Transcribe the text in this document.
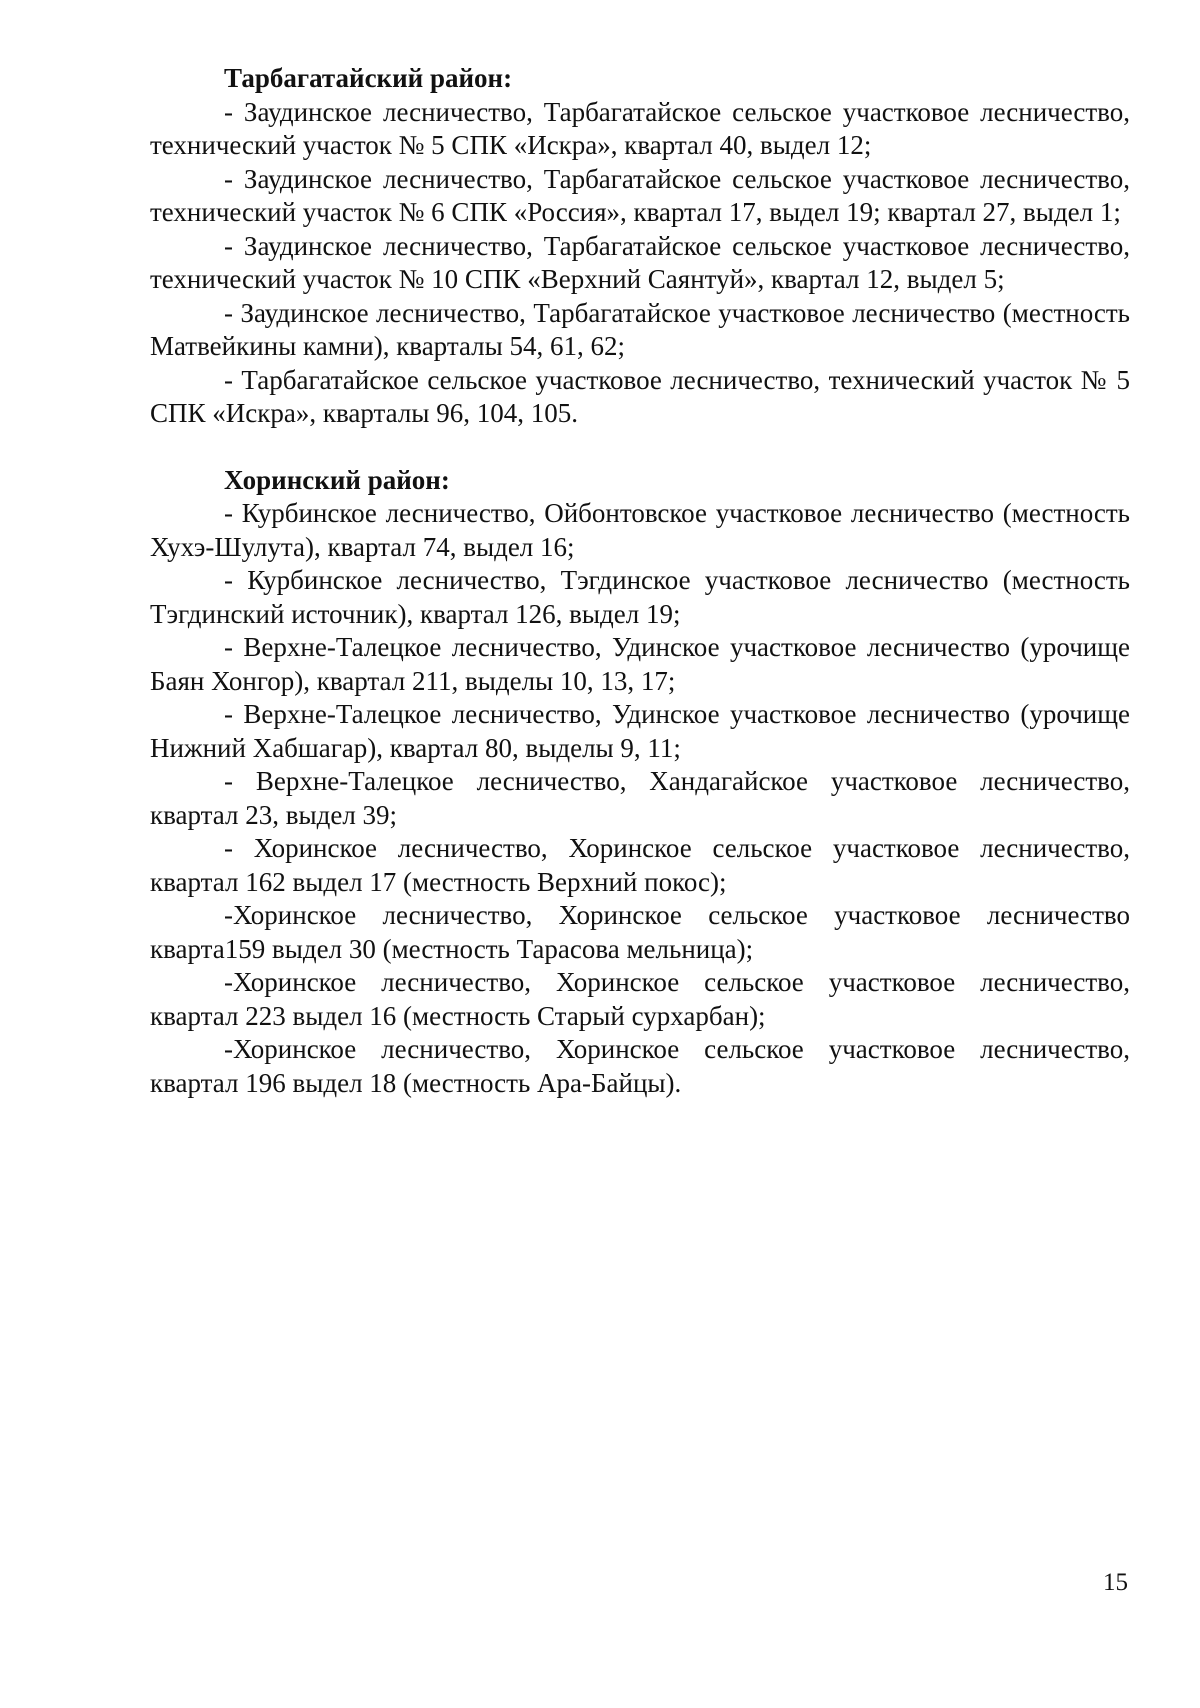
Тарбагатайский район:

- Заудинское лесничество, Тарбагатайское сельское участковое лесничество, технический участок № 5 СПК «Искра», квартал 40, выдел 12;

- Заудинское лесничество, Тарбагатайское сельское участковое лесничество, технический участок № 6 СПК «Россия», квартал 17, выдел 19; квартал 27, выдел 1;

- Заудинское лесничество, Тарбагатайское сельское участковое лесничество, технический участок № 10 СПК «Верхний Саянтуй», квартал 12, выдел 5;

- Заудинское лесничество, Тарбагатайское участковое лесничество (местность Матвейкины камни), кварталы 54, 61, 62;

- Тарбагатайское сельское участковое лесничество, технический участок № 5 СПК «Искра», кварталы 96, 104, 105.

Хоринский район:

- Курбинское лесничество, Ойбонтовское участковое лесничество (местность Хухэ-Шулута), квартал 74, выдел 16;

- Курбинское лесничество, Тэгдинское участковое лесничество (местность Тэгдинский источник), квартал 126, выдел 19;

- Верхне-Талецкое лесничество, Удинское участковое лесничество (урочище Баян Хонгор), квартал 211, выделы 10, 13, 17;

- Верхне-Талецкое лесничество, Удинское участковое лесничество (урочище Нижний Хабшагар), квартал 80, выделы 9, 11;

- Верхне-Талецкое лесничество, Хандагайское участковое лесничество, квартал 23, выдел 39;

- Хоринское лесничество, Хоринское сельское участковое лесничество, квартал 162 выдел 17 (местность Верхний покос);

-Хоринское лесничество, Хоринское сельское участковое лесничество кварта159 выдел 30 (местность Тарасова мельница);

-Хоринское лесничество, Хоринское сельское участковое лесничество, квартал 223 выдел 16 (местность Старый сурхарбан);

-Хоринское лесничество, Хоринское сельское участковое лесничество, квартал 196 выдел 18 (местность Ара-Байцы).

15
